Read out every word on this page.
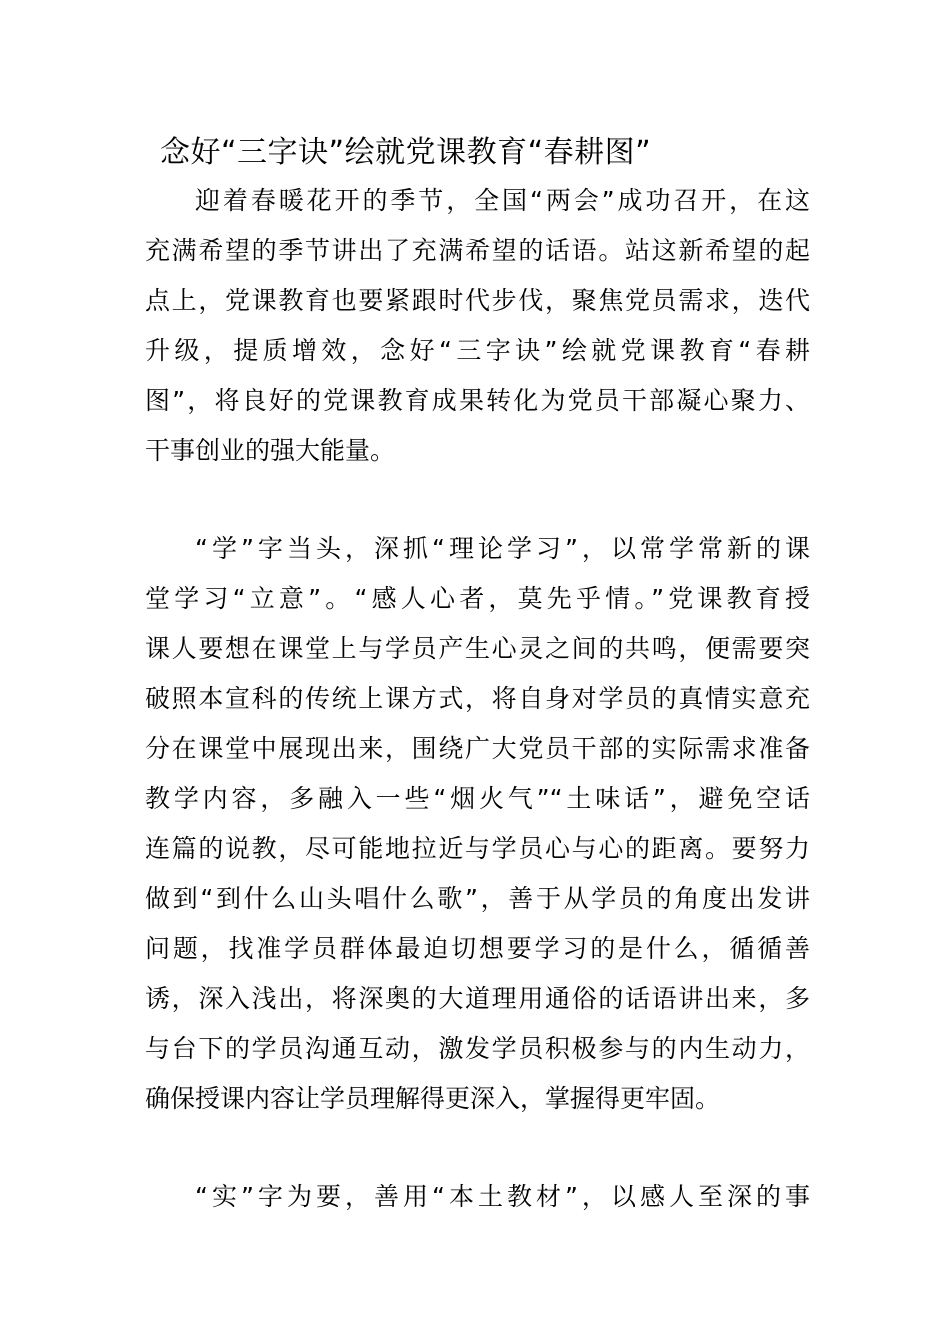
念好“三字诀”绘就党课教育“春耕图”
迎着春暖花开的季节，全国“两会”成功召开，在这
充满希望的季节讲出了充满希望的话语。站这新希望的起
点上，党课教育也要紧跟时代步伐，聚焦党员需求，迭代
升级，提质增效，念好“三字诀”绘就党课教育“春耕
图”，将良好的党课教育成果转化为党员干部凝心聚力、
干事创业的强大能量。
“学”字当头，深抓“理论学习”，以常学常新的课
堂学习“立意”。“感人心者，莫先乎情。”党课教育授
课人要想在课堂上与学员产生心灵之间的共鸣，便需要突
破照本宣科的传统上课方式，将自身对学员的真情实意充
分在课堂中展现出来，围绕广大党员干部的实际需求准备
教学内容，多融入一些“烟火气”“土味话”，避免空话
连篇的说教，尽可能地拉近与学员心与心的距离。要努力
做到“到什么山头唱什么歌”，善于从学员的角度出发讲
问题，找准学员群体最迫切想要学习的是什么，循循善
诱，深入浅出，将深奥的大道理用通俗的话语讲出来，多
与台下的学员沟通互动，激发学员积极参与的内生动力，
确保授课内容让学员理解得更深入，掌握得更牢固。
“实”字为要，善用“本土教材”，以感人至深的事
